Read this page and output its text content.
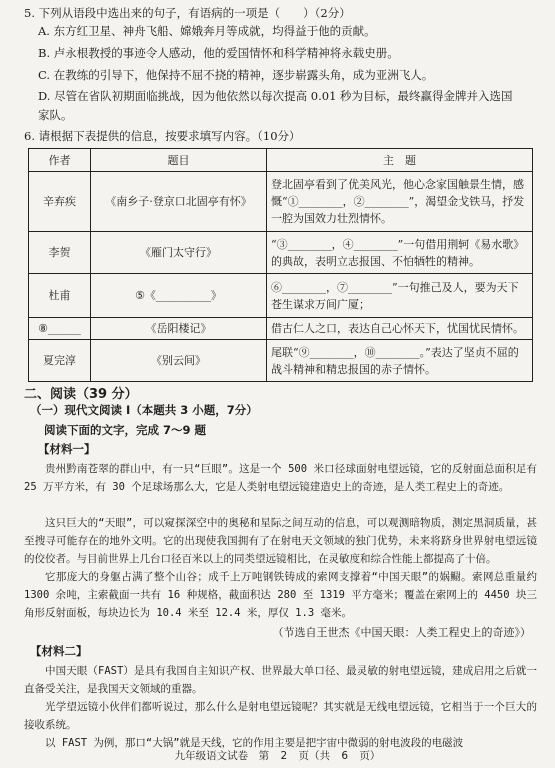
5. 下列从语段中选出来的句子，有语病的一项是（　　）（2分）
A. 东方红卫星、神舟飞船、嫦娥奔月等成就，均得益于他的贡献。
B. 卢永根教授的事迹令人感动，他的爱国情怀和科学精神将永载史册。
C. 在教练的引导下，他保持不屈不挠的精神，逐步崭露头角，成为亚洲飞人。
D. 尽管在省队初期面临挑战，因为他依然以每次提高 0.01 秒为目标，最终赢得金牌并入选国
家队。
6. 请根据下表提供的信息，按要求填写内容。（10分）
作者	题目	主　题
辛弃疾	《南乡子·登京口北固亭有怀》	登北固亭看到了优美风光，他心念家国触景生情，感慨“①________，②________”，渴望金戈铁马，抒发一腔为国效力壮烈情怀。
李贺	《雁门太守行》	“③________，④________”一句借用荆轲《易水歌》的典故，表明立志报国、不怕牺牲的精神。
杜甫	⑤《__________》	⑥________，⑦________”一句推己及人，要为天下苍生谋求万间广厦；
⑧______	《岳阳楼记》	借古仁人之口，表达自己心怀天下，忧国忧民情怀。
夏完淳	《别云间》	尾联“⑨________，⑩________。”表达了坚贞不屈的战斗精神和精忠报国的赤子情怀。
二、阅读（39 分）
（一）现代文阅读 I（本题共 3 小题，7分）
阅读下面的文字，完成 7～9 题
【材料一】
贵州黔南苍翠的群山中，有一只“巨眼”。这是一个 500 米口径球面射电望远镜，它的反射面总面积足有 25 万平方米，有 30 个足球场那么大，它是人类射电望远镜建造史上的奇迹，是人类工程史上的奇迹。
这只巨大的“天眼”，可以窥探深空中的奥秘和星际之间互动的信息，可以观测暗物质，测定黑洞质量，甚至搜寻可能存在的地外文明。它的出现使我国拥有了在射电天文领域的独门优势，未来将跻身世界射电望远镜的佼佼者。与目前世界上几台口径百米以上的同类望远镜相比，在灵敏度和综合性能上都提高了十倍。
它那庞大的身躯占满了整个山谷；成千上万吨钢铁铸成的索网支撑着“中国天眼”的娲鳚。索网总重量约 1300 余吨，主索截面一共有 16 种规格，截面积达 280 至 1319 平方毫米；覆盖在索网上的 4450 块三角形反射面板，每块边长为 10.4 米至 12.4 米，厚仅 1.3 毫米。
（节选自王世杰《中国天眼：人类工程史上的奇迹》）
【材料二】
中国天眼（FAST）是具有我国自主知识产权、世界最大单口径、最灵敏的射电望远镜，建成启用之后就一直备受关注，是我国天文领域的重器。
光学望远镜小伙伴们都听说过，那么什么是射电望远镜呢？其实就是无线电望远镜，它相当于一个巨大的接收系统。
以 FAST 为例，那口“大锅”就是天线，它的作用主要是把宇宙中微弱的射电波段的电磁波
九年级语文试卷　第 2 页（共 6 页）
